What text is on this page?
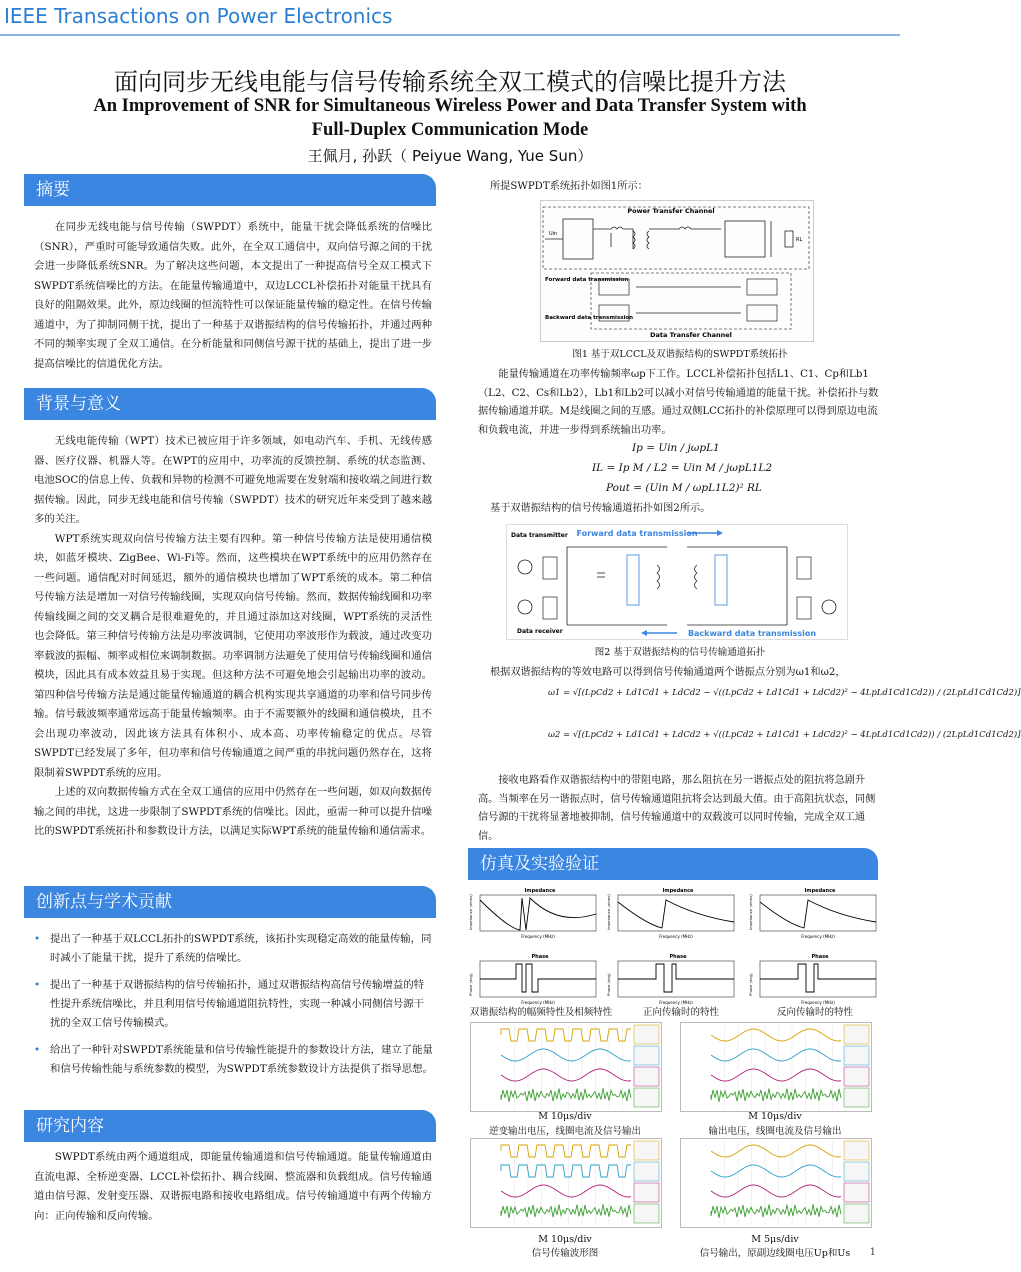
IEEE Transactions on Power Electronics
面向同步无线电能与信号传输系统全双工模式的信噪比提升方法
An Improvement of SNR for Simultaneous Wireless Power and Data Transfer System with
Full-Duplex Communication Mode
王佩月, 孙跃（ Peiyue Wang, Yue Sun）
摘要

在同步无线电能与信号传输（SWPDT）系统中，能量干扰会降低系统的信噪比（SNR），严重时可能导致通信失败。此外，在全双工通信中，双向信号源之间的干扰会进一步降低系统SNR。为了解决这些问题，本文提出了一种提高信号全双工模式下SWPDT系统信噪比的方法。在能量传输通道中，双边LCCL补偿拓扑对能量干扰具有良好的阻隔效果。此外，原边线圈的恒流特性可以保证能量传输的稳定性。在信号传输通道中，为了抑制同侧干扰，提出了一种基于双谐振结构的信号传输拓扑，并通过两种不同的频率实现了全双工通信。在分析能量和同侧信号源干扰的基础上，提出了进一步提高信噪比的信道优化方法。

背景与意义

无线电能传输（WPT）技术已被应用于许多领域，如电动汽车、手机、无线传感器、医疗仪器、机器人等。在WPT的应用中，功率流的反馈控制、系统的状态监测、电池SOC的信息上传、负载和异物的检测不可避免地需要在发射端和接收端之间进行数据传输。因此，同步无线电能和信号传输（SWPDT）技术的研究近年来受到了越来越多的关注。

WPT系统实现双向信号传输方法主要有四种。第一种信号传输方法是使用通信模块，如蓝牙模块、ZigBee、Wi-Fi等。然而，这些模块在WPT系统中的应用仍然存在一些问题。通信配对时间延迟，额外的通信模块也增加了WPT系统的成本。第二种信号传输方法是增加一对信号传输线圈，实现双向信号传输。然而，数据传输线圈和功率传输线圈之间的交叉耦合是很难避免的，并且通过添加这对线圈，WPT系统的灵活性也会降低。第三种信号传输方法是功率波调制，它使用功率波形作为载波，通过改变功率载波的振幅、频率或相位来调制数据。功率调制方法避免了使用信号传输线圈和通信模块，因此具有成本效益且易于实现。但这种方法不可避免地会引起输出功率的波动。第四种信号传输方法是通过能量传输通道的耦合机构实现共享通道的功率和信号同步传输。信号载波频率通常远高于能量传输频率。由于不需要额外的线圈和通信模块，且不会出现功率波动，因此该方法具有体积小、成本高、功率传输稳定的优点。尽管SWPDT已经发展了多年，但功率和信号传输通道之间严重的串扰问题仍然存在，这将限制着SWPDT系统的应用。

上述的双向数据传输方式在全双工通信的应用中仍然存在一些问题，如双向数据传输之间的串扰，这进一步限制了SWPDT系统的信噪比。因此，亟需一种可以提升信噪比的SWPDT系统拓扑和参数设计方法，以满足实际WPT系统的能量传输和通信需求。

创新点与学术贡献
• 提出了一种基于双LCCL拓扑的SWPDT系统，该拓扑实现稳定高效的能量传输，同时减小了能量干扰，提升了系统的信噪比。
• 提出了一种基于双谐振结构的信号传输拓扑，通过双谐振结构高信号传输增益的特性提升系统信噪比，并且利用信号传输通道阻抗特性，实现一种减小同侧信号源干扰的全双工信号传输模式。
• 给出了一种针对SWPDT系统能量和信号传输性能提升的参数设计方法，建立了能量和信号传输性能与系统参数的模型，为SWPDT系统参数设计方法提供了指导思想。
研究内容

SWPDT系统由两个通道组成，即能量传输通道和信号传输通道。能量传输通道由直流电源、全桥逆变器、LCCL补偿拓扑、耦合线圈、整流器和负载组成。信号传输通道由信号源、发射变压器、双谐振电路和接收电路组成。信号传输通道中有两个传输方向：正向传输和反向传输。

所提SWPDT系统拓扑如图1所示：
Power Transfer Channel
Uin
RL
Data Transfer Channel
Forward data transmission
Backward data transmission
图1 基于双LCCL及双谐振结构的SWPDT系统拓扑
能量传输通道在功率传输频率ωp下工作。LCCL补偿拓扑包括L1、C1、Cp和Lb1（L2、C2、Cs和Lb2），Lb1和Lb2可以减小对信号传输通道的能量干扰。补偿拓扑与数据传输通道并联。M是线圈之间的互感。通过双侧LCC拓扑的补偿原理可以得到原边电流和负载电流，并进一步得到系统输出功率。
Ip = Uin / jωpL1
IL = Ip M / L2 = Uin M / jωpL1L2
Pout = (Uin M / ωpL1L2)² RL
基于双谐振结构的信号传输通道拓扑如图2所示。
Forward data transmission
Data transmitter
Data receiver	Backward data transmission
图2 基于双谐振结构的信号传输通道拓扑
根据双谐振结构的等效电路可以得到信号传输通道两个谐振点分别为ω1和ω2，
ω1 = √[(LpCd2 + Ld1Cd1 + LdCd2 − √((LpCd2 + Ld1Cd1 + LdCd2)² − 4LpLd1Cd1Cd2)) / (2LpLd1Cd1Cd2)]
ω2 = √[(LpCd2 + Ld1Cd1 + LdCd2 + √((LpCd2 + Ld1Cd1 + LdCd2)² − 4LpLd1Cd1Cd2)) / (2LpLd1Cd1Cd2)]
接收电路看作双谐振结构中的带阻电路，那么阻抗在另一谐振点处的阻抗将急剧升高。当频率在另一谐振点时，信号传输通道阻抗将会达到最大值。由于高阻抗状态，同侧信号源的干扰将显著地被抑制，信号传输通道中的双载波可以同时传输，完成全双工通信。
仿真及实验验证
Impedance
Frequency (MHz)
Impedance (ohms)
Phase
Frequency (MHz)
Phase (deg)
Impedance
Frequency (MHz)
Impedance (ohms)
Phase
Frequency (MHz)
Phase (deg)
Impedance
Frequency (MHz)
Impedance (ohms)
Phase
Frequency (MHz)
Phase (deg)
双谐振结构的幅频特性及相频特性	正向传输时的特性	反向传输时的特性
M 10μs/div
逆变输出电压，线圈电流及信号输出
M 10μs/div
输出电压，线圈电流及信号输出
M 10μs/div
信号传输波形图
M 5μs/div
信号输出，原副边线圈电压Up和Us	1
